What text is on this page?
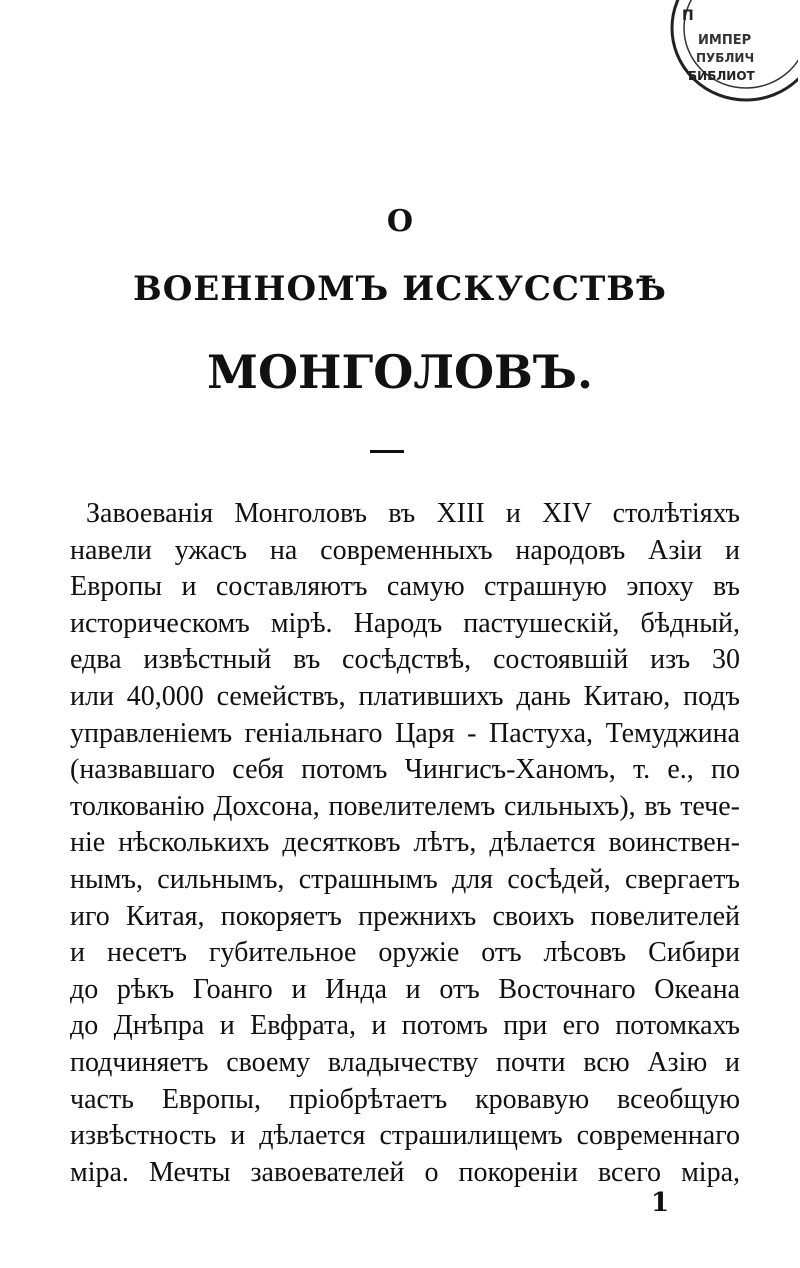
П
ИМПЕР
ПУБЛИЧ
БИБЛИОТ
О
ВОЕННОМЪ ИСКУССТВѢ
МОНГОЛОВЪ.
Завоеванія Монголовъ въ XIII и XIV столѣтіяхъ
навели ужасъ на современныхъ народовъ Азіи и
Европы и составляютъ самую страшную эпоху въ
историческомъ мірѣ. Народъ пастушескій, бѣдный,
едва извѣстный въ сосѣдствѣ, состоявшій изъ 30
или 40,000 семействъ, платившихъ дань Китаю, подъ
управленіемъ геніальнаго Царя - Пастуха, Темуджина
(назвавшаго себя потомъ Чингисъ-Ханомъ, т. е., по
толкованію Дохсона, повелителемъ сильныхъ), въ тече-
ніе нѣсколькихъ десятковъ лѣтъ, дѣлается воинствен-
нымъ, сильнымъ, страшнымъ для сосѣдей, свергаетъ
иго Китая, покоряетъ прежнихъ своихъ повелителей
и несетъ губительное оружіе отъ лѣсовъ Сибири
до рѣкъ Гоанго и Инда и отъ Восточнаго Океана
до Днѣпра и Евфрата, и потомъ при его потомкахъ
подчиняетъ своему владычеству почти всю Азію и
часть Европы, пріобрѣтаетъ кровавую всеобщую
извѣстность и дѣлается страшилищемъ современнаго
міра. Мечты завоевателей о покореніи всего міра,
1
